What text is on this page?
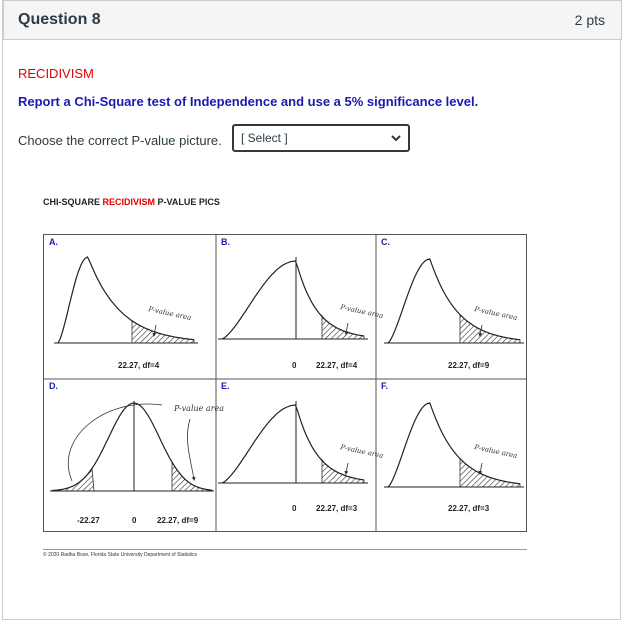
Question 8	2 pts
RECIDIVISM
Report a Chi-Square test of Independence and use a 5% significance level.
Choose the correct P-value picture. [ Select ]
CHI-SQUARE RECIDIVISM P-VALUE PICS
P-value area	P-value area	P-value area
P-value area	P-value area
P-value area
A.
22.27, df=4
B.
0 22.27, df=4
C.
22.27, df=9
D.
-22.27	0	22.27, df=9
E.
0 22.27, df=3
F.
22.27, df=3
© 2020 Radha Bose, Florida State University Department of Statistics
